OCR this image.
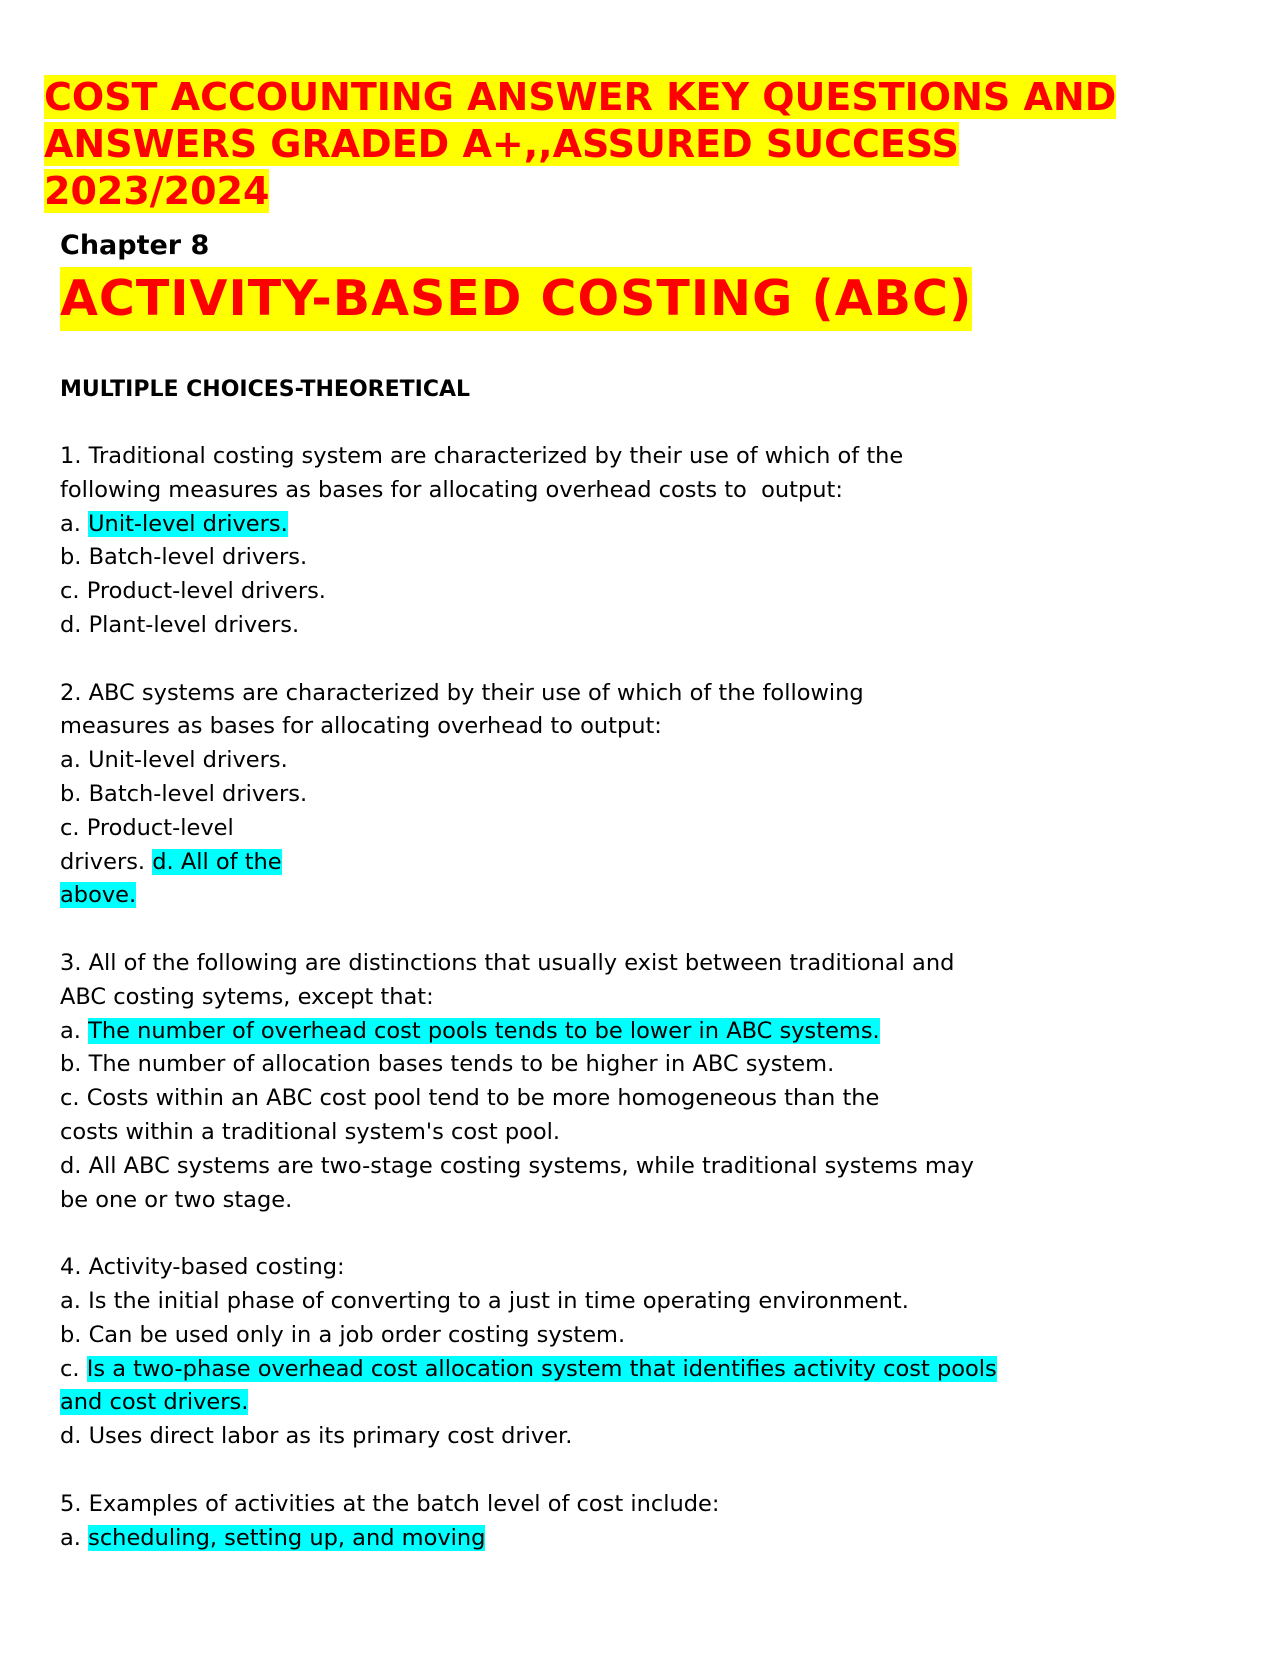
COST ACCOUNTING ANSWER KEY QUESTIONS AND
ANSWERS GRADED A+,,ASSURED SUCCESS
2023/2024
Chapter 8
ACTIVITY-BASED COSTING (ABC)
MULTIPLE CHOICES-THEORETICAL

1. Traditional costing system are characterized by their use of which of the

following measures as bases for allocating overhead costs to  output:

a. Unit-level drivers.

b. Batch-level drivers.

c. Product-level drivers.

d. Plant-level drivers.

2. ABC systems are characterized by their use of which of the following

measures as bases for allocating overhead to output:

a. Unit-level drivers.

b. Batch-level drivers.

c. Product-level

drivers. d. All of the

above.

3. All of the following are distinctions that usually exist between traditional and

ABC costing sytems, except that:

a. The number of overhead cost pools tends to be lower in ABC systems.

b. The number of allocation bases tends to be higher in ABC system.

c. Costs within an ABC cost pool tend to be more homogeneous than the

costs within a traditional system's cost pool.

d. All ABC systems are two-stage costing systems, while traditional systems may

be one or two stage.

4. Activity-based costing:

a. Is the initial phase of converting to a just in time operating environment.

b. Can be used only in a job order costing system.

c. Is a two-phase overhead cost allocation system that identifies activity cost pools

and cost drivers.

d. Uses direct labor as its primary cost driver.

5. Examples of activities at the batch level of cost include:

a. scheduling, setting up, and moving
